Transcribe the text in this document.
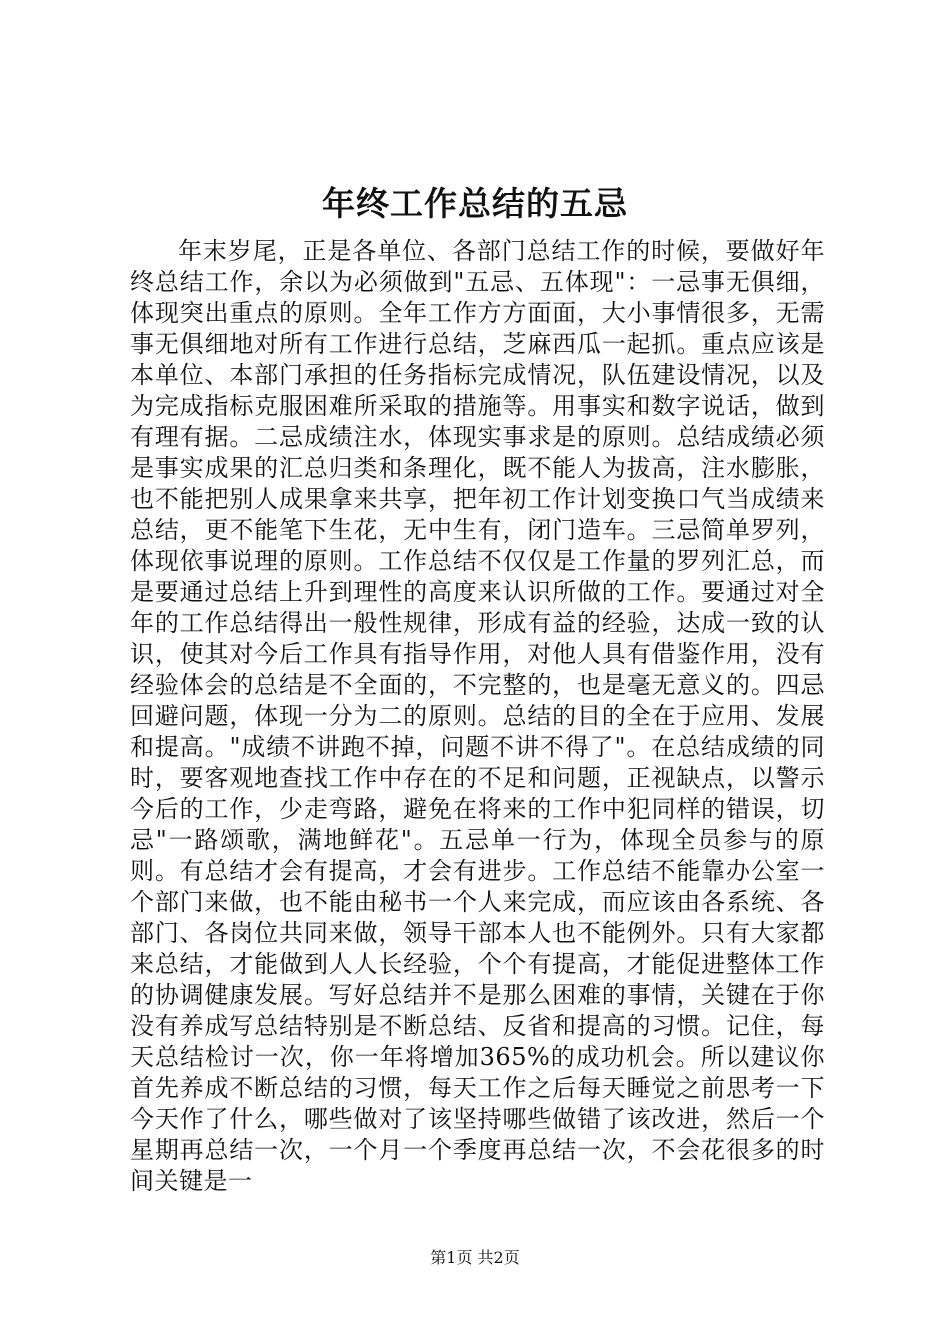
年终工作总结的五忌

年末岁尾，正是各单位、各部门总结工作的时候，要做好年终总结工作，余以为必须做到"五忌、五体现"：一忌事无俱细，体现突出重点的原则。全年工作方方面面，大小事情很多，无需事无俱细地对所有工作进行总结，芝麻西瓜一起抓。重点应该是本单位、本部门承担的任务指标完成情况，队伍建设情况，以及为完成指标克服困难所采取的措施等。用事实和数字说话，做到有理有据。二忌成绩注水，体现实事求是的原则。总结成绩必须是事实成果的汇总归类和条理化，既不能人为拔高，注水膨胀，也不能把别人成果拿来共享，把年初工作计划变换口气当成绩来总结，更不能笔下生花，无中生有，闭门造车。三忌简单罗列，体现依事说理的原则。工作总结不仅仅是工作量的罗列汇总，而是要通过总结上升到理性的高度来认识所做的工作。要通过对全年的工作总结得出一般性规律，形成有益的经验，达成一致的认识，使其对今后工作具有指导作用，对他人具有借鉴作用，没有经验体会的总结是不全面的，不完整的，也是毫无意义的。四忌回避问题，体现一分为二的原则。总结的目的全在于应用、发展和提高。"成绩不讲跑不掉，问题不讲不得了"。在总结成绩的同时，要客观地查找工作中存在的不足和问题，正视缺点，以警示今后的工作，少走弯路，避免在将来的工作中犯同样的错误，切忌"一路颂歌，满地鲜花"。五忌单一行为，体现全员参与的原则。有总结才会有提高，才会有进步。工作总结不能靠办公室一个部门来做，也不能由秘书一个人来完成，而应该由各系统、各部门、各岗位共同来做，领导干部本人也不能例外。只有大家都来总结，才能做到人人长经验，个个有提高，才能促进整体工作的协调健康发展。写好总结并不是那么困难的事情，关键在于你没有养成写总结特别是不断总结、反省和提高的习惯。记住，每天总结检讨一次，你一年将增加365%的成功机会。所以建议你首先养成不断总结的习惯，每天工作之后每天睡觉之前思考一下今天作了什么，哪些做对了该坚持哪些做错了该改进，然后一个星期再总结一次，一个月一个季度再总结一次，不会花很多的时间关键是一

第1页 共2页
